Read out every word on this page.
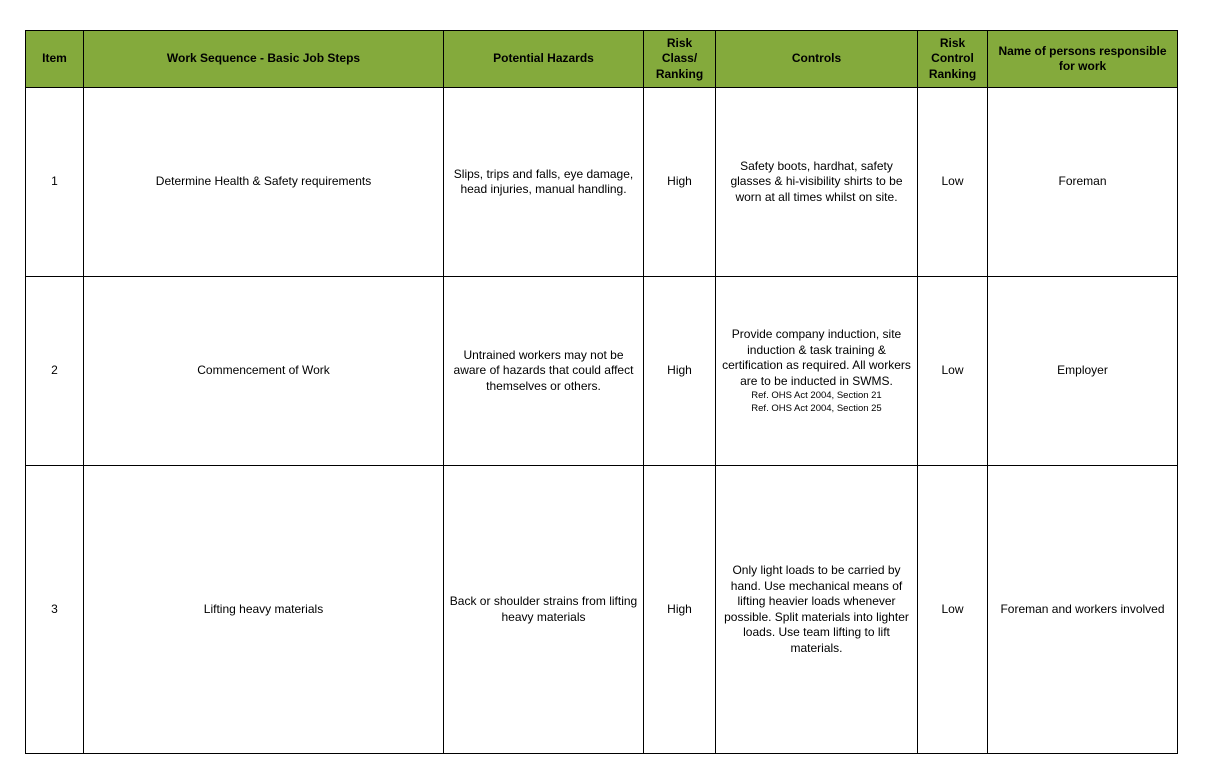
Item	Work Sequence - Basic Job Steps	Potential Hazards	Risk Class/ Ranking	Controls	Risk Control Ranking	Name of persons responsible for work
1	Determine Health & Safety requirements	Slips, trips and falls, eye damage, head injuries, manual handling.	High	Safety boots, hardhat, safety glasses & hi-visibility shirts to be worn at all times whilst on site.	Low	Foreman
2	Commencement of Work	Untrained workers may not be aware of hazards that could affect themselves or others.	High	Provide company induction, site induction & task training & certification as required. All workers are to be inducted in SWMS.
Ref. OHS Act 2004, Section 21
Ref. OHS Act 2004, Section 25	Low	Employer
3	Lifting heavy materials	Back or shoulder strains from lifting heavy materials	High	Only light loads to be carried by hand. Use mechanical means of lifting heavier loads whenever possible. Split materials into lighter loads. Use team lifting to lift materials.	Low	Foreman and workers involved
